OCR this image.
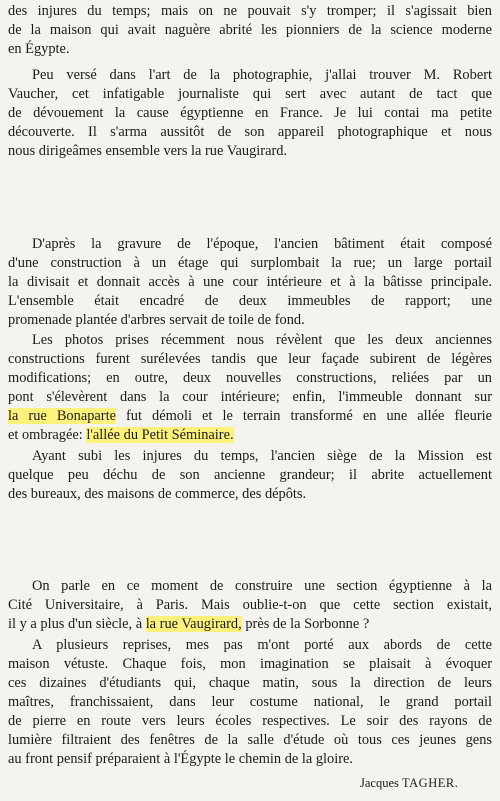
des injures du temps; mais on ne pouvait s'y tromper; il s'agissait bien
de la maison qui avait naguère abrité les pionniers de la science moderne
en Égypte.
Peu versé dans l'art de la photographie, j'allai trouver M. Robert
Vaucher, cet infatigable journaliste qui sert avec autant de tact que
de dévouement la cause égyptienne en France. Je lui contai ma petite
découverte. Il s'arma aussitôt de son appareil photographique et nous
nous dirigeâmes ensemble vers la rue Vaugirard.
D'après la gravure de l'époque, l'ancien bâtiment était composé
d'une construction à un étage qui surplombait la rue; un large portail
la divisait et donnait accès à une cour intérieure et à la bâtisse principale.
L'ensemble était encadré de deux immeubles de rapport; une
promenade plantée d'arbres servait de toile de fond.
Les photos prises récemment nous révèlent que les deux anciennes
constructions furent surélevées tandis que leur façade subirent de légères
modifications; en outre, deux nouvelles constructions, reliées par un
pont s'élevèrent dans la cour intérieure; enfin, l'immeuble donnant sur
la rue Bonaparte fut démoli et le terrain transformé en une allée fleurie
et ombragée: l'allée du Petit Séminaire.
Ayant subi les injures du temps, l'ancien siège de la Mission est
quelque peu déchu de son ancienne grandeur; il abrite actuellement
des bureaux, des maisons de commerce, des dépôts.
On parle en ce moment de construire une section égyptienne à la
Cité Universitaire, à Paris. Mais oublie-t-on que cette section existait,
il y a plus d'un siècle, à la rue Vaugirard, près de la Sorbonne ?
A plusieurs reprises, mes pas m'ont porté aux abords de cette
maison vétuste. Chaque fois, mon imagination se plaisait à évoquer
ces dizaines d'étudiants qui, chaque matin, sous la direction de leurs
maîtres, franchissaient, dans leur costume national, le grand portail
de pierre en route vers leurs écoles respectives. Le soir des rayons de
lumière filtraient des fenêtres de la salle d'étude où tous ces jeunes gens
au front pensif préparaient à l'Égypte le chemin de la gloire.
Jacques TAGHER.
